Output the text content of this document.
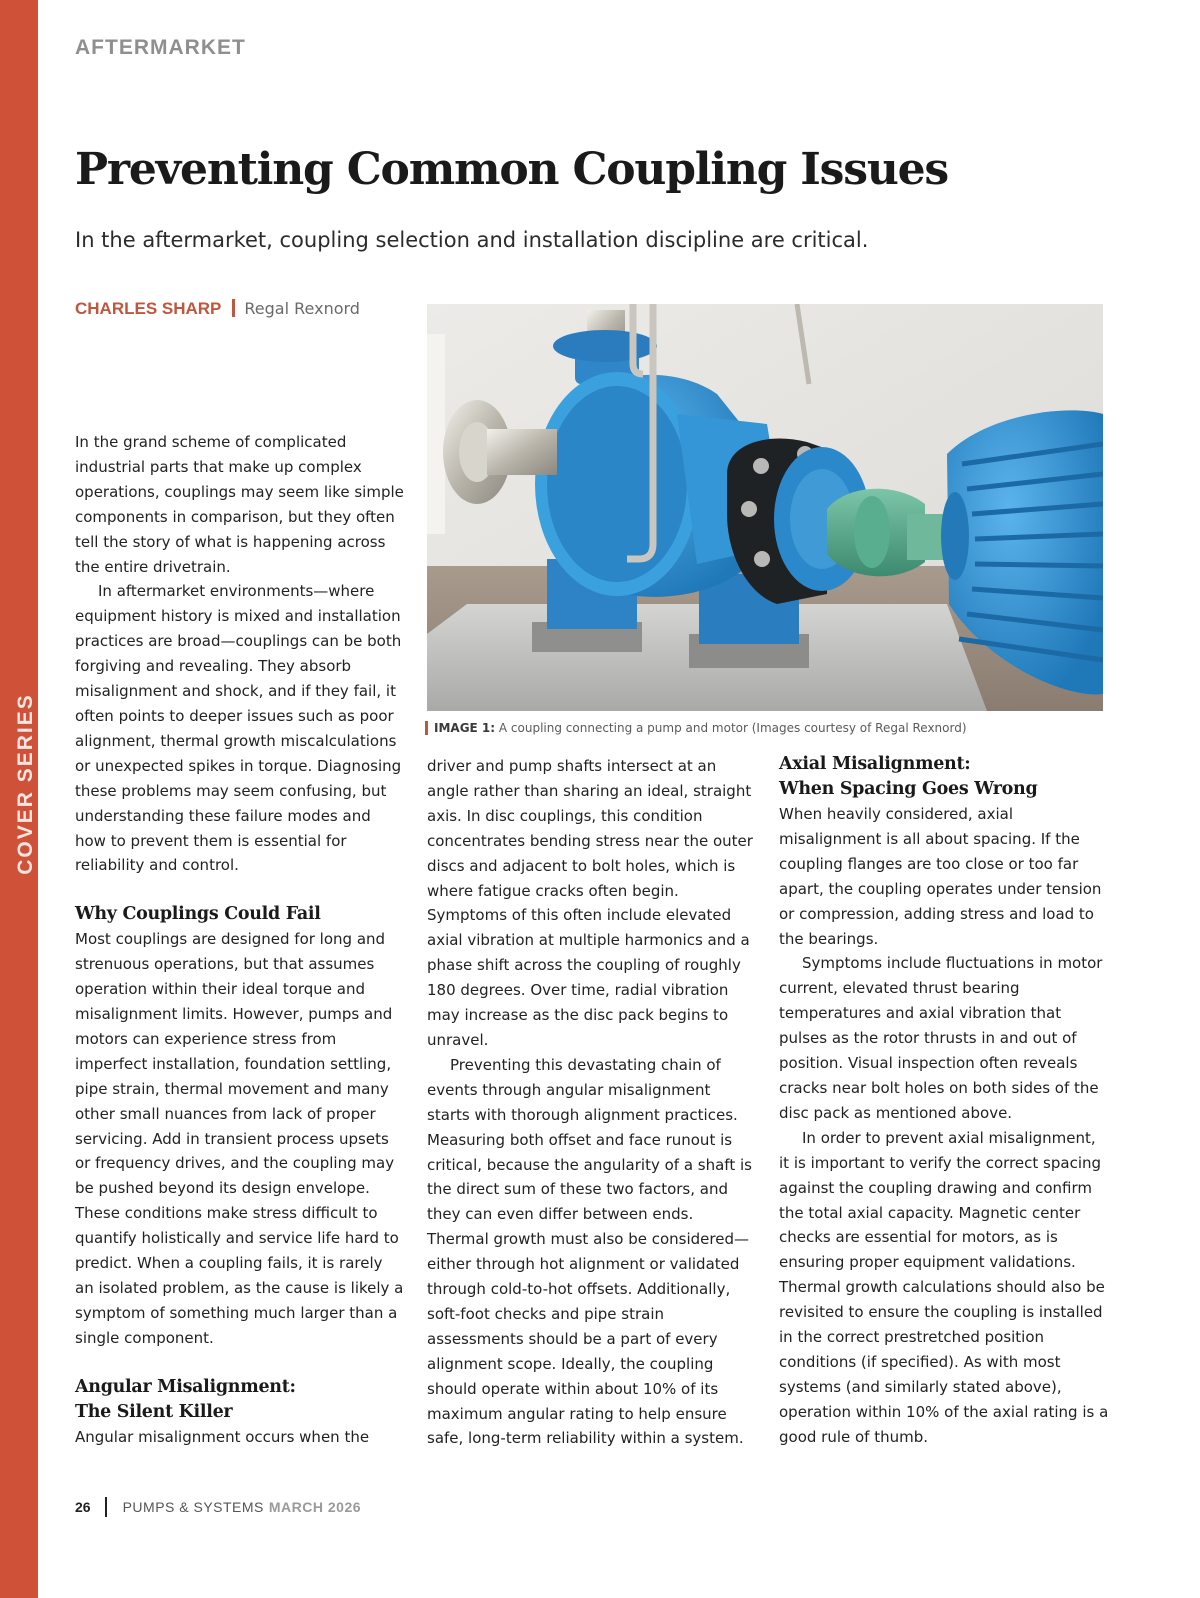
COVER SERIES
AFTERMARKET
Preventing Common Coupling Issues

In the aftermarket, coupling selection and installation discipline are critical.

CHARLES SHARP Regal Rexnord
IMAGE 1: A coupling connecting a pump and motor (Images courtesy of Regal Rexnord)

In the grand scheme of complicated industrial parts that make up complex operations, couplings may seem like simple components in comparison, but they often tell the story of what is happening across the entire drivetrain.

In aftermarket environments—where equipment history is mixed and installation practices are broad—couplings can be both forgiving and revealing. They absorb misalignment and shock, and if they fail, it often points to deeper issues such as poor alignment, thermal growth miscalculations or unexpected spikes in torque. Diagnosing these problems may seem confusing, but understanding these failure modes and how to prevent them is essential for reliability and control.

Why Couplings Could Fail

Most couplings are designed for long and strenuous operations, but that assumes operation within their ideal torque and misalignment limits. However, pumps and motors can experience stress from imperfect installation, foundation settling, pipe strain, thermal movement and many other small nuances from lack of proper servicing. Add in transient process upsets or frequency drives, and the coupling may be pushed beyond its design envelope. These conditions make stress difficult to quantify holistically and service life hard to predict. When a coupling fails, it is rarely an isolated problem, as the cause is likely a symptom of something much larger than a single component.

Angular Misalignment:
The Silent Killer

Angular misalignment occurs when the

driver and pump shafts intersect at an angle rather than sharing an ideal, straight axis. In disc couplings, this condition concentrates bending stress near the outer discs and adjacent to bolt holes, which is where fatigue cracks often begin. Symptoms of this often include elevated axial vibration at multiple harmonics and a phase shift across the coupling of roughly 180 degrees. Over time, radial vibration may increase as the disc pack begins to unravel.

Preventing this devastating chain of events through angular misalignment starts with thorough alignment practices. Measuring both offset and face runout is critical, because the angularity of a shaft is the direct sum of these two factors, and they can even differ between ends. Thermal growth must also be considered—either through hot alignment or validated through cold-to-hot offsets. Additionally, soft-foot checks and pipe strain assessments should be a part of every alignment scope. Ideally, the coupling should operate within about 10% of its maximum angular rating to help ensure safe, long-term reliability within a system.

Axial Misalignment:
When Spacing Goes Wrong

When heavily considered, axial misalignment is all about spacing. If the coupling flanges are too close or too far apart, the coupling operates under tension or compression, adding stress and load to the bearings.

Symptoms include fluctuations in motor current, elevated thrust bearing temperatures and axial vibration that pulses as the rotor thrusts in and out of position. Visual inspection often reveals cracks near bolt holes on both sides of the disc pack as mentioned above.

In order to prevent axial misalignment, it is important to verify the correct spacing against the coupling drawing and confirm the total axial capacity. Magnetic center checks are essential for motors, as is ensuring proper equipment validations. Thermal growth calculations should also be revisited to ensure the coupling is installed in the correct prestretched position conditions (if specified). As with most systems (and similarly stated above), operation within 10% of the axial rating is a good rule of thumb.

26 PUMPS & SYSTEMS MARCH 2026
